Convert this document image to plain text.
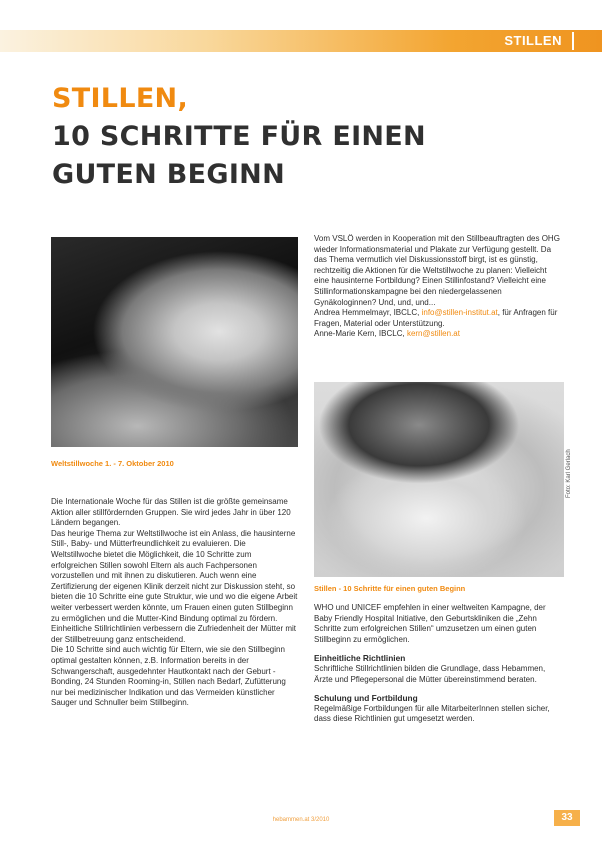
STILLEN
STILLEN,
10 SCHRITTE FÜR EINEN
GUTEN BEGINN
Foto: Karl Gerlach

Weltstillwoche 1. - 7. Oktober 2010

Die Internationale Woche für das Stillen ist die größte gemeinsame Aktion aller stillfördernden Gruppen. Sie wird jedes Jahr in über 120 Ländern begangen.

Das heurige Thema zur Weltstillwoche ist ein Anlass, die hausinterne Still-, Baby- und Mütterfreundlichkeit zu evaluieren. Die Weltstillwoche bietet die Möglichkeit, die 10 Schritte zum erfolgreichen Stillen sowohl Eltern als auch Fachpersonen vorzustellen und mit ihnen zu diskutieren. Auch wenn eine Zertifizierung der eigenen Klinik derzeit nicht zur Diskussion steht, so bieten die 10 Schritte eine gute Struktur, wie und wo die eigene Arbeit weiter verbessert werden könnte, um Frauen einen guten Stillbeginn zu ermöglichen und die Mutter-Kind Bindung optimal zu fördern. Einheitliche Stillrichtlinien verbessern die Zufriedenheit der Mütter mit der Stillbetreuung ganz entscheidend.

Die 10 Schritte sind auch wichtig für Eltern, wie sie den Stillbeginn optimal gestalten können, z.B. Information bereits in der Schwangerschaft, ausgedehnter Hautkontakt nach der Geburt - Bonding, 24 Stunden Rooming-in, Stillen nach Bedarf, Zufütterung nur bei medizinischer Indikation und das Vermeiden künstlicher Sauger und Schnuller beim Stillbeginn.

Vom VSLÖ werden in Kooperation mit den Stillbeauftragten des OHG wieder Informationsmaterial und Plakate zur Verfügung gestellt. Da das Thema vermutlich viel Diskussionsstoff birgt, ist es günstig, rechtzeitig die Aktionen für die Weltstillwoche zu planen: Vielleicht eine hausinterne Fortbildung? Einen Stillinfostand? Vielleicht eine Stillinformationskampagne bei den niedergelassenen Gynäkologinnen? Und, und, und...

Andrea Hemmelmayr, IBCLC, info@stillen-institut.at, für Anfragen für Fragen, Material oder Unterstützung.

Anne-Marie Kern, IBCLC, kern@stillen.at

Stillen - 10 Schritte für einen guten Beginn

WHO und UNICEF empfehlen in einer weltweiten Kampagne, der Baby Friendly Hospital Initiative, den Geburtskliniken die „Zehn Schritte zum erfolgreichen Stillen“ umzusetzen um einen guten Stillbeginn zu ermöglichen.

Einheitliche Richtlinien

Schriftliche Stillrichtlinien bilden die Grundlage, dass Hebammen, Ärzte und Pflegepersonal die Mütter übereinstimmend beraten.

Schulung und Fortbildung

Regelmäßige Fortbildungen für alle MitarbeiterInnen stellen sicher, dass diese Richtlinien gut umgesetzt werden.

hebammen.at 3/2010	33
